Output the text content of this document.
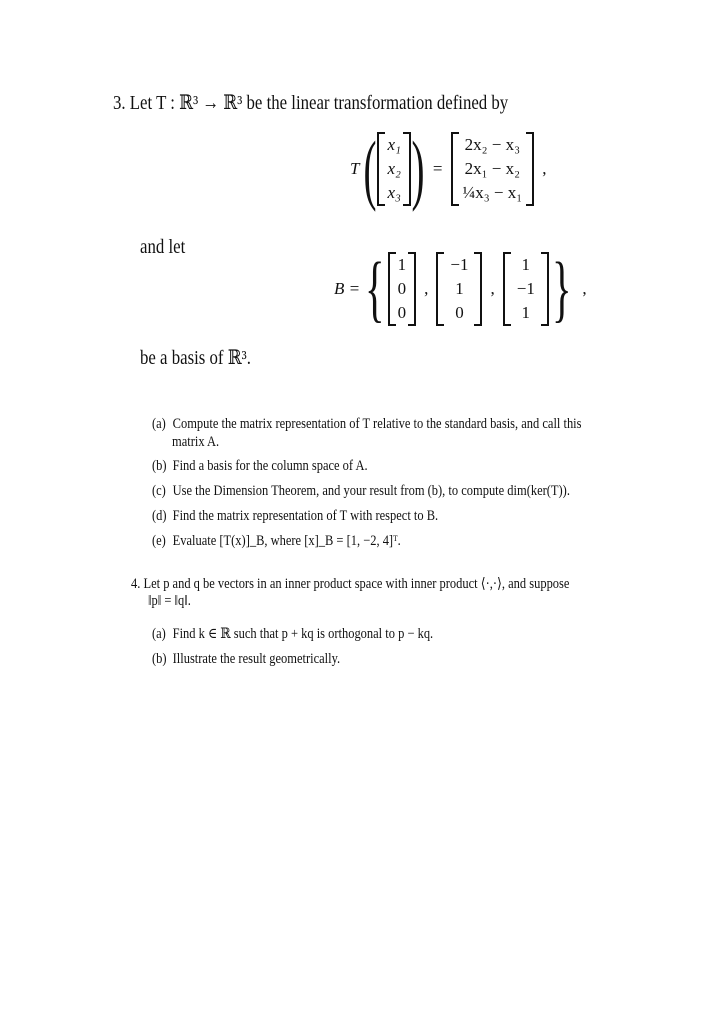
3. Let T : ℝ³ → ℝ³ be the linear transformation defined by
T ( x₁
x₂
x₃ ) =
2x₂ − x₃
2x₁ − x₂
¼x₃ − x₁
,
and let
B = { 1
0
0
,
−1
1
0
,
1
−1
1 } ,
be a basis of ℝ³.
(a) Compute the matrix representation of T relative to the standard basis, and call this
matrix A.
(b) Find a basis for the column space of A.
(c) Use the Dimension Theorem, and your result from (b), to compute dim(ker(T)).
(d) Find the matrix representation of T with respect to B.
(e) Evaluate [T(x)]_B, where [x]_B = [1, −2, 4]ᵀ.
4. Let p and q be vectors in an inner product space with inner product ⟨·,·⟩, and suppose
‖p‖ = ‖q‖.
(a) Find k ∈ ℝ such that p + kq is orthogonal to p − kq.
(b) Illustrate the result geometrically.
